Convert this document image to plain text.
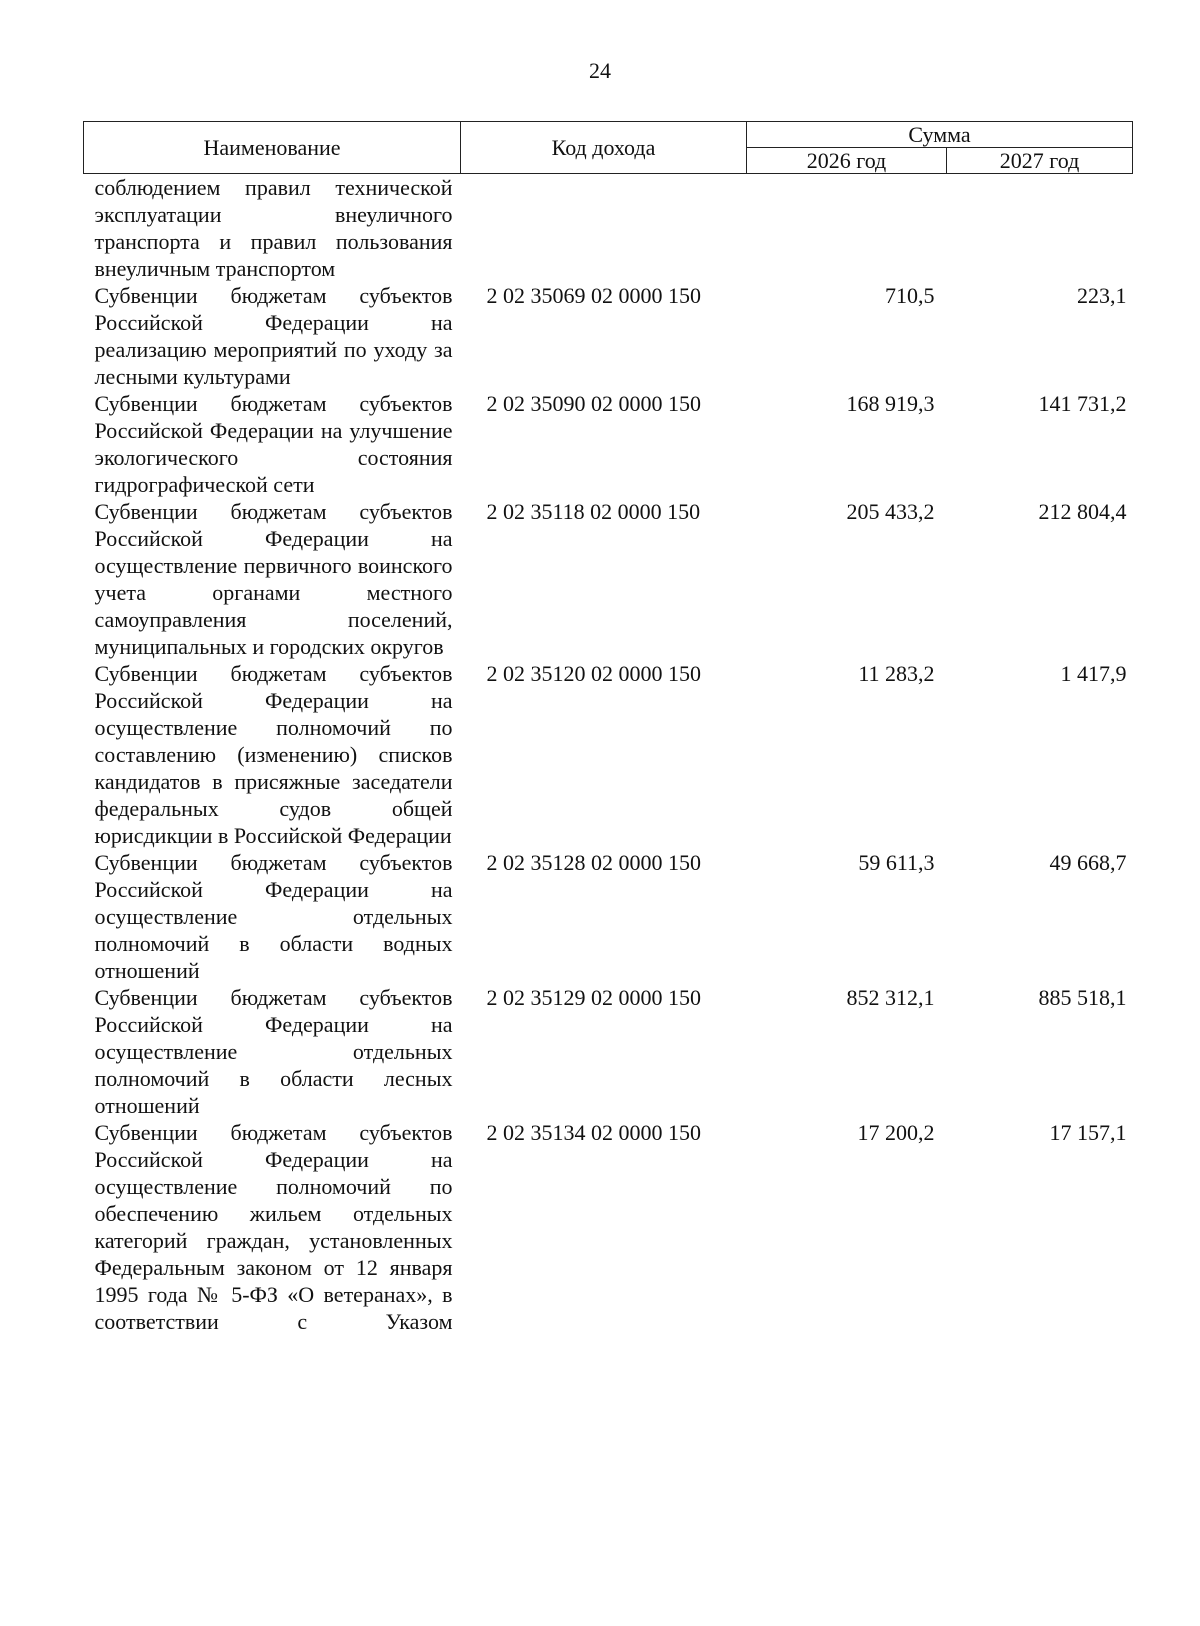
24
Наименование	Код дохода	Сумма	
		2026 год	2027 год
соблюдением правил технической эксплуатации внеуличного транспорта и правил пользования внеуличным транспортом			
Субвенции бюджетам субъектов Российской Федерации на реализацию мероприятий по уходу за лесными культурами	2 02 35069 02 0000 150	710,5	223,1
Субвенции бюджетам субъектов Российской Федерации на улучшение экологического состояния гидрографической сети	2 02 35090 02 0000 150	168 919,3	141 731,2
Субвенции бюджетам субъектов Российской Федерации на осуществление первичного воинского учета органами местного самоуправления поселений, муниципальных и городских округов	2 02 35118 02 0000 150	205 433,2	212 804,4
Субвенции бюджетам субъектов Российской Федерации на осуществление полномочий по составлению (изменению) списков кандидатов в присяжные заседатели федеральных судов общей юрисдикции в Российской Федерации	2 02 35120 02 0000 150	11 283,2	1 417,9
Субвенции бюджетам субъектов Российской Федерации на осуществление отдельных полномочий в области водных отношений	2 02 35128 02 0000 150	59 611,3	49 668,7
Субвенции бюджетам субъектов Российской Федерации на осуществление отдельных полномочий в области лесных отношений	2 02 35129 02 0000 150	852 312,1	885 518,1
Субвенции бюджетам субъектов Российской Федерации на осуществление полномочий по обеспечению жильем отдельных категорий граждан, установленных Федеральным законом от 12 января 1995 года № 5-ФЗ «О ветеранах», в соответствии с Указом	2 02 35134 02 0000 150	17 200,2	17 157,1
